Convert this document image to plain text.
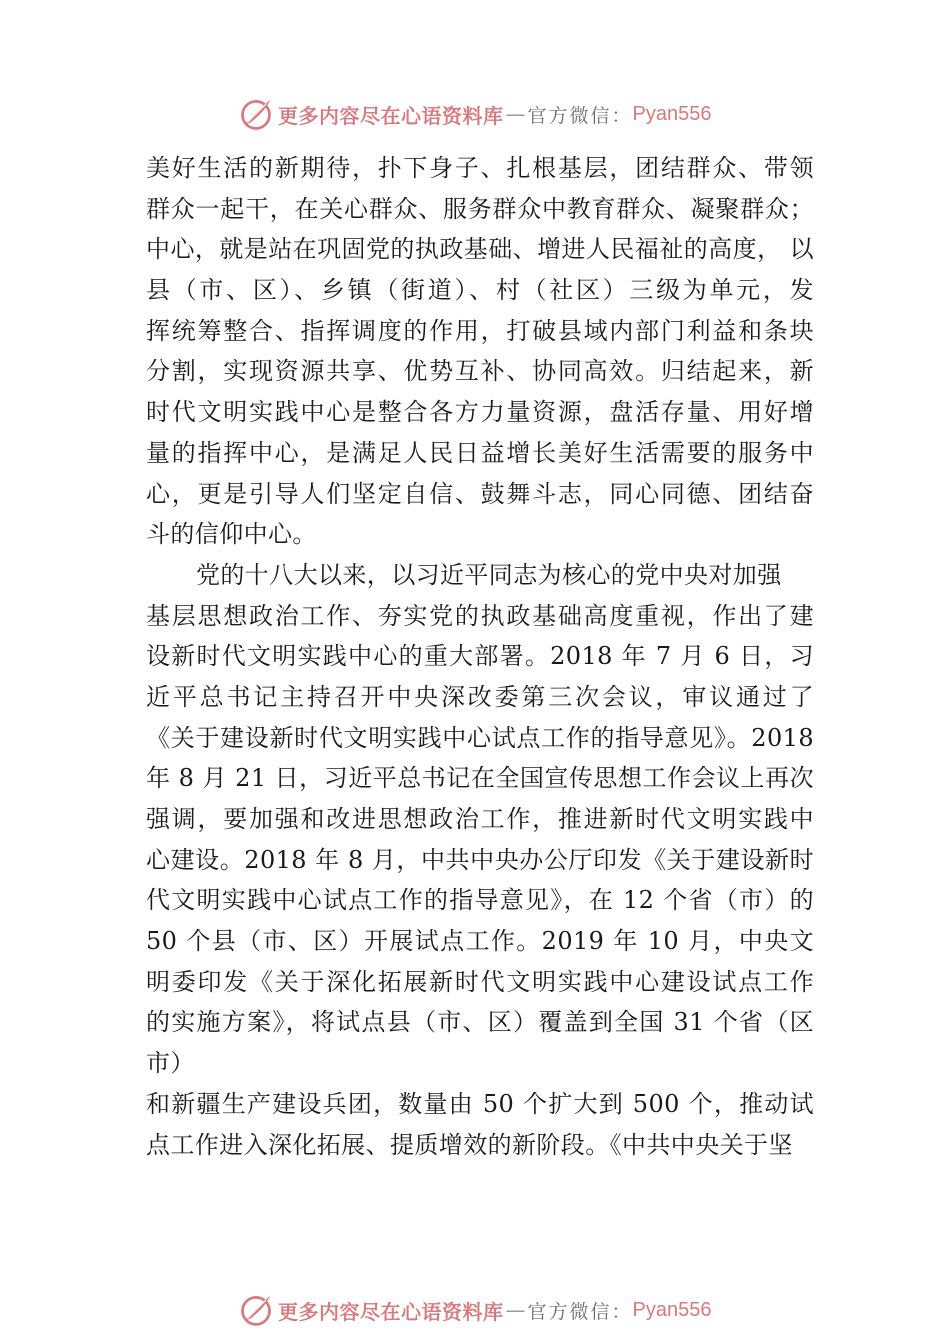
更多内容尽在心语资料库 — 官方微信： Pyan556
美好生活的新期待，扑下身子、扎根基层，团结群众、带领
群众一起干，在关心群众、服务群众中教育群众、凝聚群众；
中心，就是站在巩固党的执政基础、增进人民福祉的高度， 以
县（市、区）、乡镇（街道）、村（社区）三级为单元，发
挥统筹整合、指挥调度的作用，打破县域内部门利益和条块
分割，实现资源共享、优势互补、协同高效。归结起来，新
时代文明实践中心是整合各方力量资源，盘活存量、用好增
量的指挥中心，是满足人民日益增长美好生活需要的服务中
心，更是引导人们坚定自信、鼓舞斗志，同心同德、团结奋
斗的信仰中心。
党的十八大以来，以习近平同志为核心的党中央对加强
基层思想政治工作、夯实党的执政基础高度重视，作出了建
设新时代文明实践中心的重大部署。2018 年 7 月 6 日，习
近平总书记主持召开中央深改委第三次会议，审议通过了
《关于建设新时代文明实践中心试点工作的指导意见》。2018
年 8 月 21 日，习近平总书记在全国宣传思想工作会议上再次
强调，要加强和改进思想政治工作，推进新时代文明实践中
心建设。2018 年 8 月，中共中央办公厅印发《关于建设新时
代文明实践中心试点工作的指导意见》，在 12 个省（市）的
50 个县（市、区）开展试点工作。2019 年 10 月，中央文
明委印发《关于深化拓展新时代文明实践中心建设试点工作
的实施方案》，将试点县（市、区）覆盖到全国 31 个省（区
市）
和新疆生产建设兵团，数量由 50 个扩大到 500 个，推动试
点工作进入深化拓展、提质增效的新阶段。《中共中央关于坚
更多内容尽在心语资料库 — 官方微信： Pyan556
